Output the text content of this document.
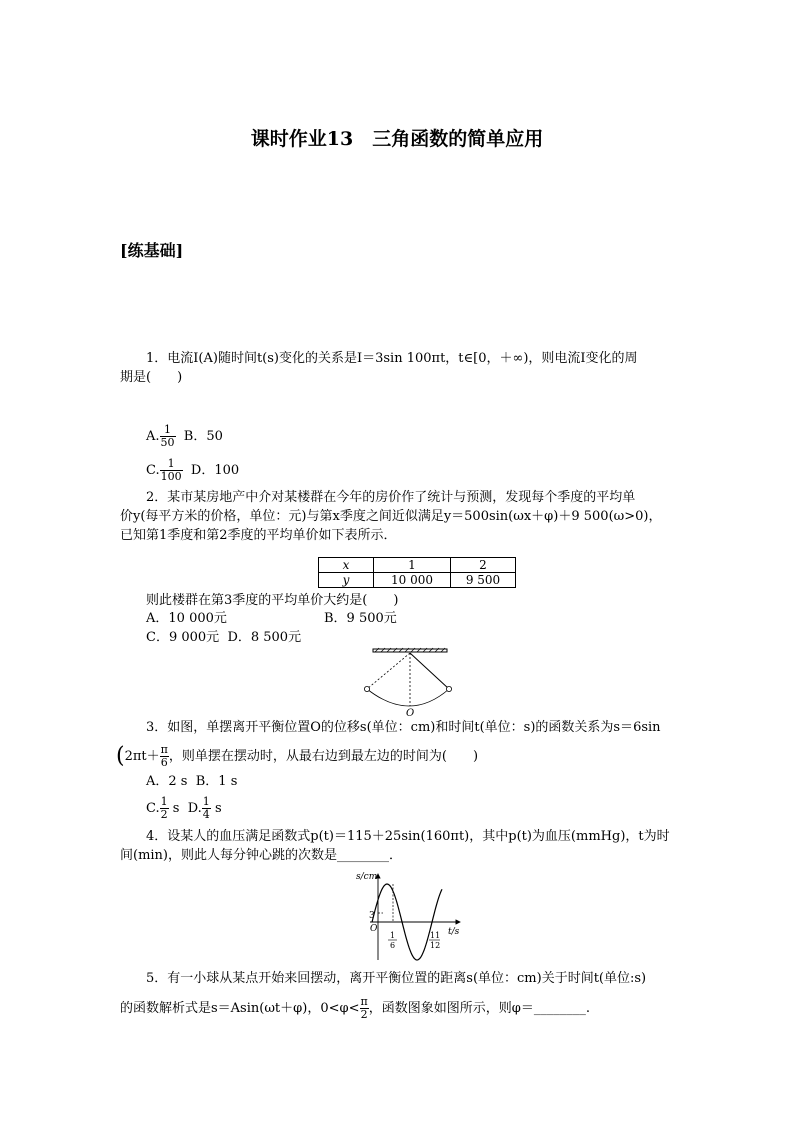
课时作业13　三角函数的简单应用
[练基础]
1．电流I(A)随时间t(s)变化的关系是I＝3sin 100πt，t∈[0，＋∞)，则电流I变化的周
期是(　　)
A. $\frac{1}{50}$ B．50
C. $\frac{1}{100}$ D．100
2．某市某房地产中介对某楼群在今年的房价作了统计与预测，发现每个季度的平均单
价y(每平方米的价格，单位：元)与第x季度之间近似满足y＝500sin(ωx＋φ)＋9 500(ω>0)，
已知第1季度和第2季度的平均单价如下表所示．
x	1	2
y	10 000	9 500
则此楼群在第3季度的平均单价大约是(　　)
A．10 000元	B．9 500元
C．9 000元 D．8 500元
O
3．如图，单摆离开平衡位置O的位移s(单位：cm)和时间t(单位：s)的函数关系为s＝6sin
($2\pi t+ \frac{\pi}{6}$ ，则单摆在摆动时，从最右边到最左边的时间为(　　)
A．2 s B．1 s
C. $\frac{1}{2}$ s D. $\frac{1}{4}$ s
4．设某人的血压满足函数式p(t)＝115＋25sin(160πt)，其中p(t)为血压(mmHg)，t为时
间(min)，则此人每分钟心跳的次数是________．
s/cm
t/s
3
O
1
6
11
12
5．有一小球从某点开始来回摆动，离开平衡位置的距离s(单位：cm)关于时间t(单位:s)
的函数解析式是s＝Asin(ωt＋φ)，$0<\varphi< \frac{\pi}{2}$ ，函数图象如图所示，则φ＝________.
